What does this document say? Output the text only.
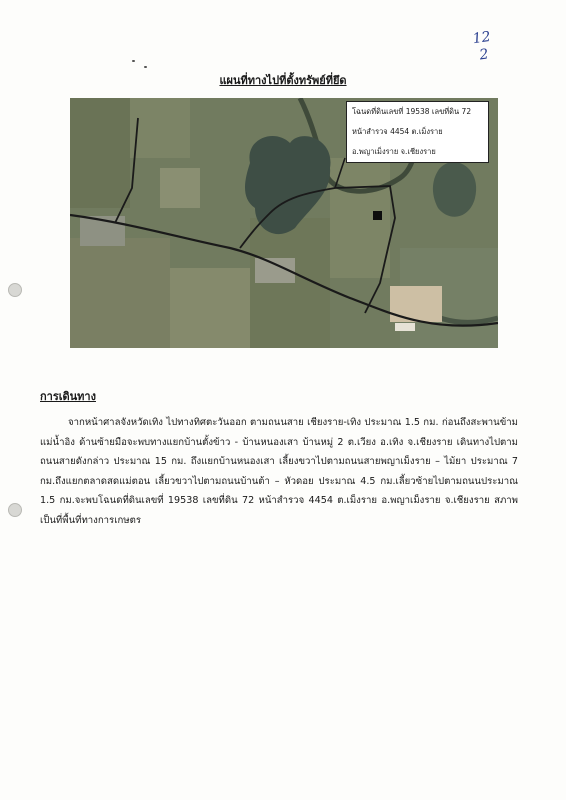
12
2
แผนที่ทางไปที่ตั้งทรัพย์ที่ยึด
โฉนดที่ดินเลขที่ 19538 เลขที่ดิน 72
หน้าสำรวจ 4454 ต.เม็งราย
อ.พญาเม็งราย จ.เชียงราย
การเดินทาง

จากหน้าศาลจังหวัดเทิง ไปทางทิศตะวันออก ตามถนนสาย เชียงราย-เทิง ประมาณ 1.5 กม. ก่อนถึงสะพานข้ามแม่น้ำอิง ด้านซ้ายมือจะพบทางแยกบ้านตั้งข้าว - บ้านหนองเสา บ้านหมู่ 2 ต.เวียง อ.เทิง จ.เชียงราย เดินทางไปตามถนนสายดังกล่าว ประมาณ 15 กม. ถึงแยกบ้านหนองเสา เลี้ยงขวาไปตามถนนสายพญาเม็งราย – ไม้ยา ประมาณ 7 กม.ถึงแยกตลาดสดแม่ตอน เลี้ยวขวาไปตามถนนบ้านต้า – หัวดอย ประมาณ 4.5 กม.เลี้ยวซ้ายไปตามถนนประมาณ 1.5 กม.จะพบโฉนดที่ดินเลขที่ 19538 เลขที่ดิน 72 หน้าสำรวจ 4454 ต.เม็งราย อ.พญาเม็งราย จ.เชียงราย สภาพเป็นที่พื้นที่ทางการเกษตร
